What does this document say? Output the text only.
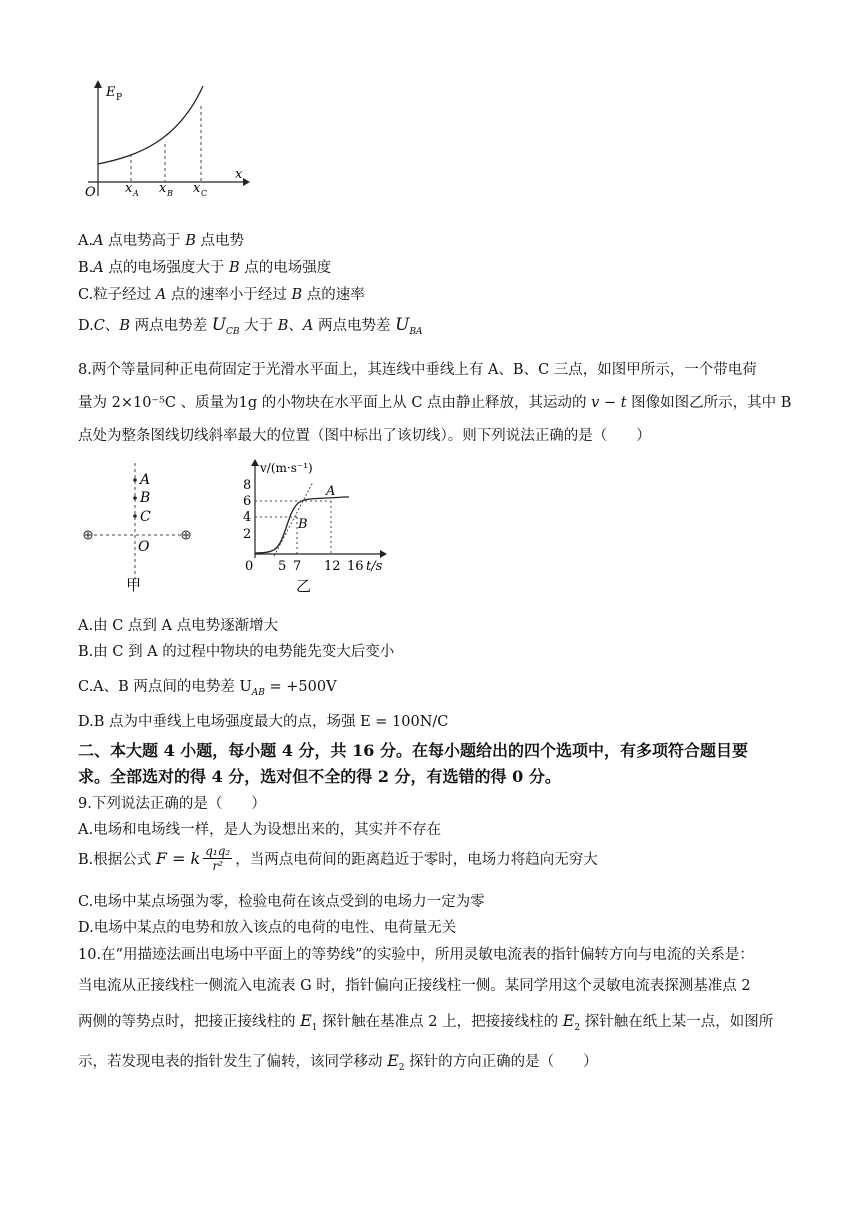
E P
x
O x A x B x C
A.A 点电势高于 B 点电势
B.A 点的电场强度大于 B 点的电场强度
C.粒子经过 A 点的速率小于经过 B 点的速率
D.C、B 两点电势差 $U_{CB}$ 大于 B、A 两点电势差 $U_{BA}$
8.两个等量同种正电荷固定于光滑水平面上，其连线中垂线上有 A、B、C 三点，如图甲所示，一个带电荷
量为 2×10⁻⁵C 、质量为1g 的小物块在水平面上从 C 点由静止释放，其运动的 v − t 图像如图乙所示，其中 B
点处为整条图线切线斜率最大的位置（图中标出了该切线）。则下列说法正确的是（　　）
A
B
C
O
甲
v/(m·s⁻¹)
t/s
8
6
4
2
0 5 7 12 16
A
B
乙
A.由 C 点到 A 点电势逐渐增大
B.由 C 到 A 的过程中物块的电势能先变大后变小
C.A、B 两点间的电势差 $U_{AB} = +500V$
D.B 点为中垂线上电场强度最大的点，场强 E = 100N/C
二、本大题 4 小题，每小题 4 分，共 16 分。在每小题给出的四个选项中，有多项符合题目要
求。全部选对的得 4 分，选对但不全的得 2 分，有选错的得 0 分。
9.下列说法正确的是（　　）
A.电场和电场线一样，是人为设想出来的，其实并不存在
B.根据公式 F = k $\frac{\text{q₁q₂}}{\text{r²}}$ ，当两点电荷间的距离趋近于零时，电场力将趋向无穷大
C.电场中某点场强为零，检验电荷在该点受到的电场力一定为零
D.电场中某点的电势和放入该点的电荷的电性、电荷量无关
10.在“用描迹法画出电场中平面上的等势线”的实验中，所用灵敏电流表的指针偏转方向与电流的关系是：
当电流从正接线柱一侧流入电流表 G 时，指针偏向正接线柱一侧。某同学用这个灵敏电流表探测基准点 2
两侧的等势点时，把接正接线柱的 $E_1$ 探针触在基准点 2 上，把接接线柱的 $E_2$ 探针触在纸上某一点，如图所
示，若发现电表的指针发生了偏转，该同学移动 $E_2$ 探针的方向正确的是（　　）
